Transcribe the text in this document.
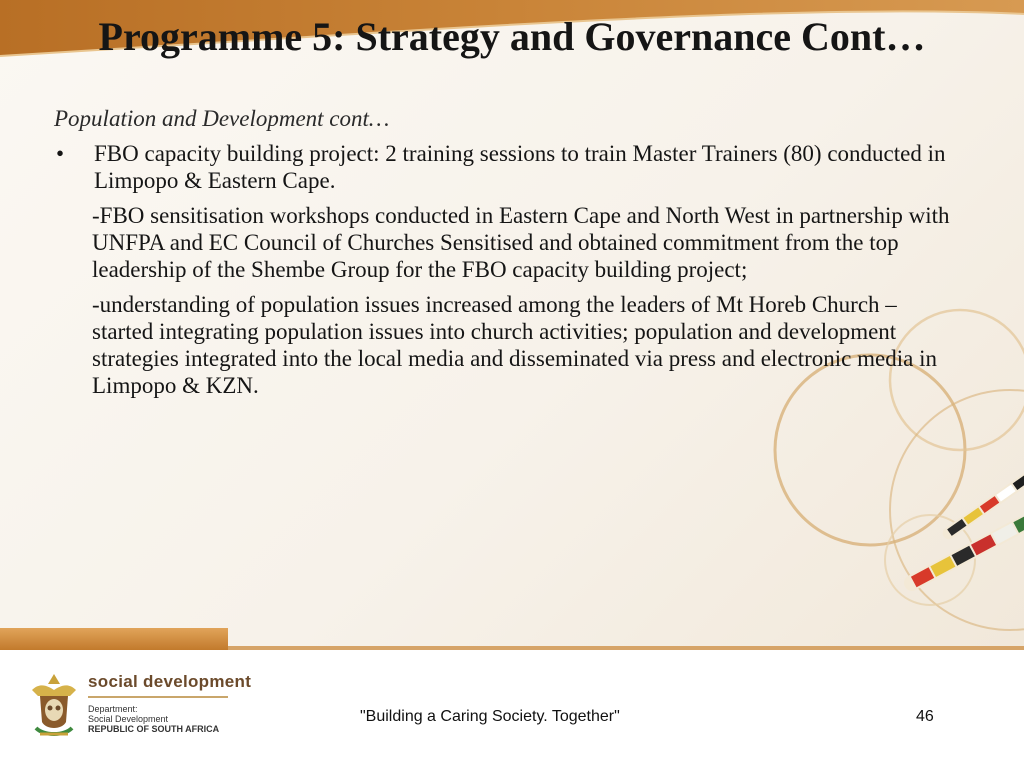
Programme 5: Strategy and Governance Cont…
Population and Development cont…
•	FBO capacity building project: 2 training sessions to train Master Trainers (80) conducted in Limpopo & Eastern Cape.
-FBO sensitisation workshops conducted in Eastern Cape and North West in partnership with UNFPA and EC Council of Churches Sensitised and obtained commitment from the top leadership of the Shembe Group for the FBO capacity building project;
-understanding of population issues increased among the leaders of Mt Horeb Church – started integrating population issues into church activities; population and development strategies integrated into the local media and disseminated via press and electronic media in Limpopo & KZN.
social development
Department:
Social Development
REPUBLIC OF SOUTH AFRICA
"Building a Caring Society. Together"	46
